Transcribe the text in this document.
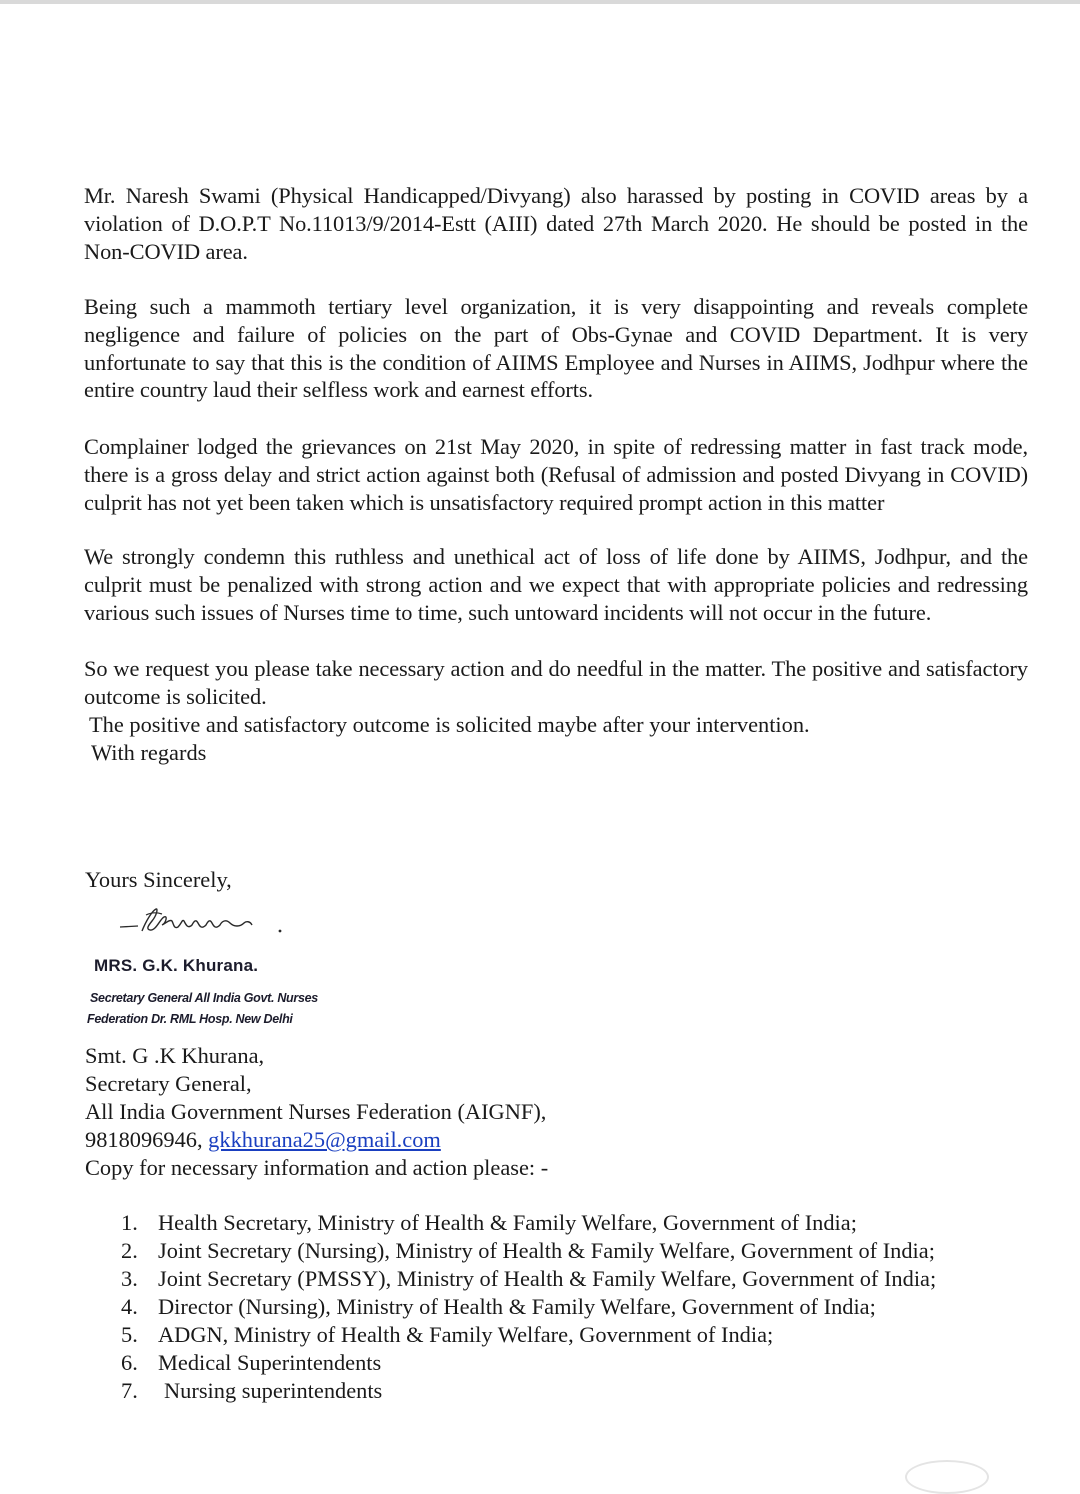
Mr. Naresh Swami (Physical Handicapped/Divyang) also harassed by posting in COVID areas by a violation of D.O.P.T No.11013/9/2014-Estt (AIII) dated 27th March 2020. He should be posted in the Non-COVID area.

Being such a mammoth tertiary level organization, it is very disappointing and reveals complete negligence and failure of policies on the part of Obs-Gynae and COVID Department. It is very unfortunate to say that this is the condition of AIIMS Employee and Nurses in AIIMS, Jodhpur where the entire country laud their selfless work and earnest efforts.

Complainer lodged the grievances on 21st May 2020, in spite of redressing matter in fast track mode, there is a gross delay and strict action against both (Refusal of admission and posted Divyang in COVID) culprit has not yet been taken which is unsatisfactory required prompt action in this matter

We strongly condemn this ruthless and unethical act of loss of life done by AIIMS, Jodhpur, and the culprit must be penalized with strong action and we expect that with appropriate policies and redressing various such issues of Nurses time to time, such untoward incidents will not occur in the future.

So we request you please take necessary action and do needful in the matter. The positive and satisfactory outcome is solicited.

The positive and satisfactory outcome is solicited maybe after your intervention.

With regards

Yours Sincerely,

MRS. G.K. Khurana.
Secretary General All India Govt. Nurses
Federation Dr. RML Hosp. New Delhi

Smt. G .K Khurana,

Secretary General,

All India Government Nurses Federation (AIGNF),

9818096946, gkkhurana25@gmail.com

Copy for necessary information and action please: -

1. Health Secretary, Ministry of Health & Family Welfare, Government of India;
2. Joint Secretary (Nursing), Ministry of Health & Family Welfare, Government of India;
3. Joint Secretary (PMSSY), Ministry of Health & Family Welfare, Government of India;
4. Director (Nursing), Ministry of Health & Family Welfare, Government of India;
5. ADGN, Ministry of Health & Family Welfare, Government of India;
6. Medical Superintendents
7. Nursing superintendents
